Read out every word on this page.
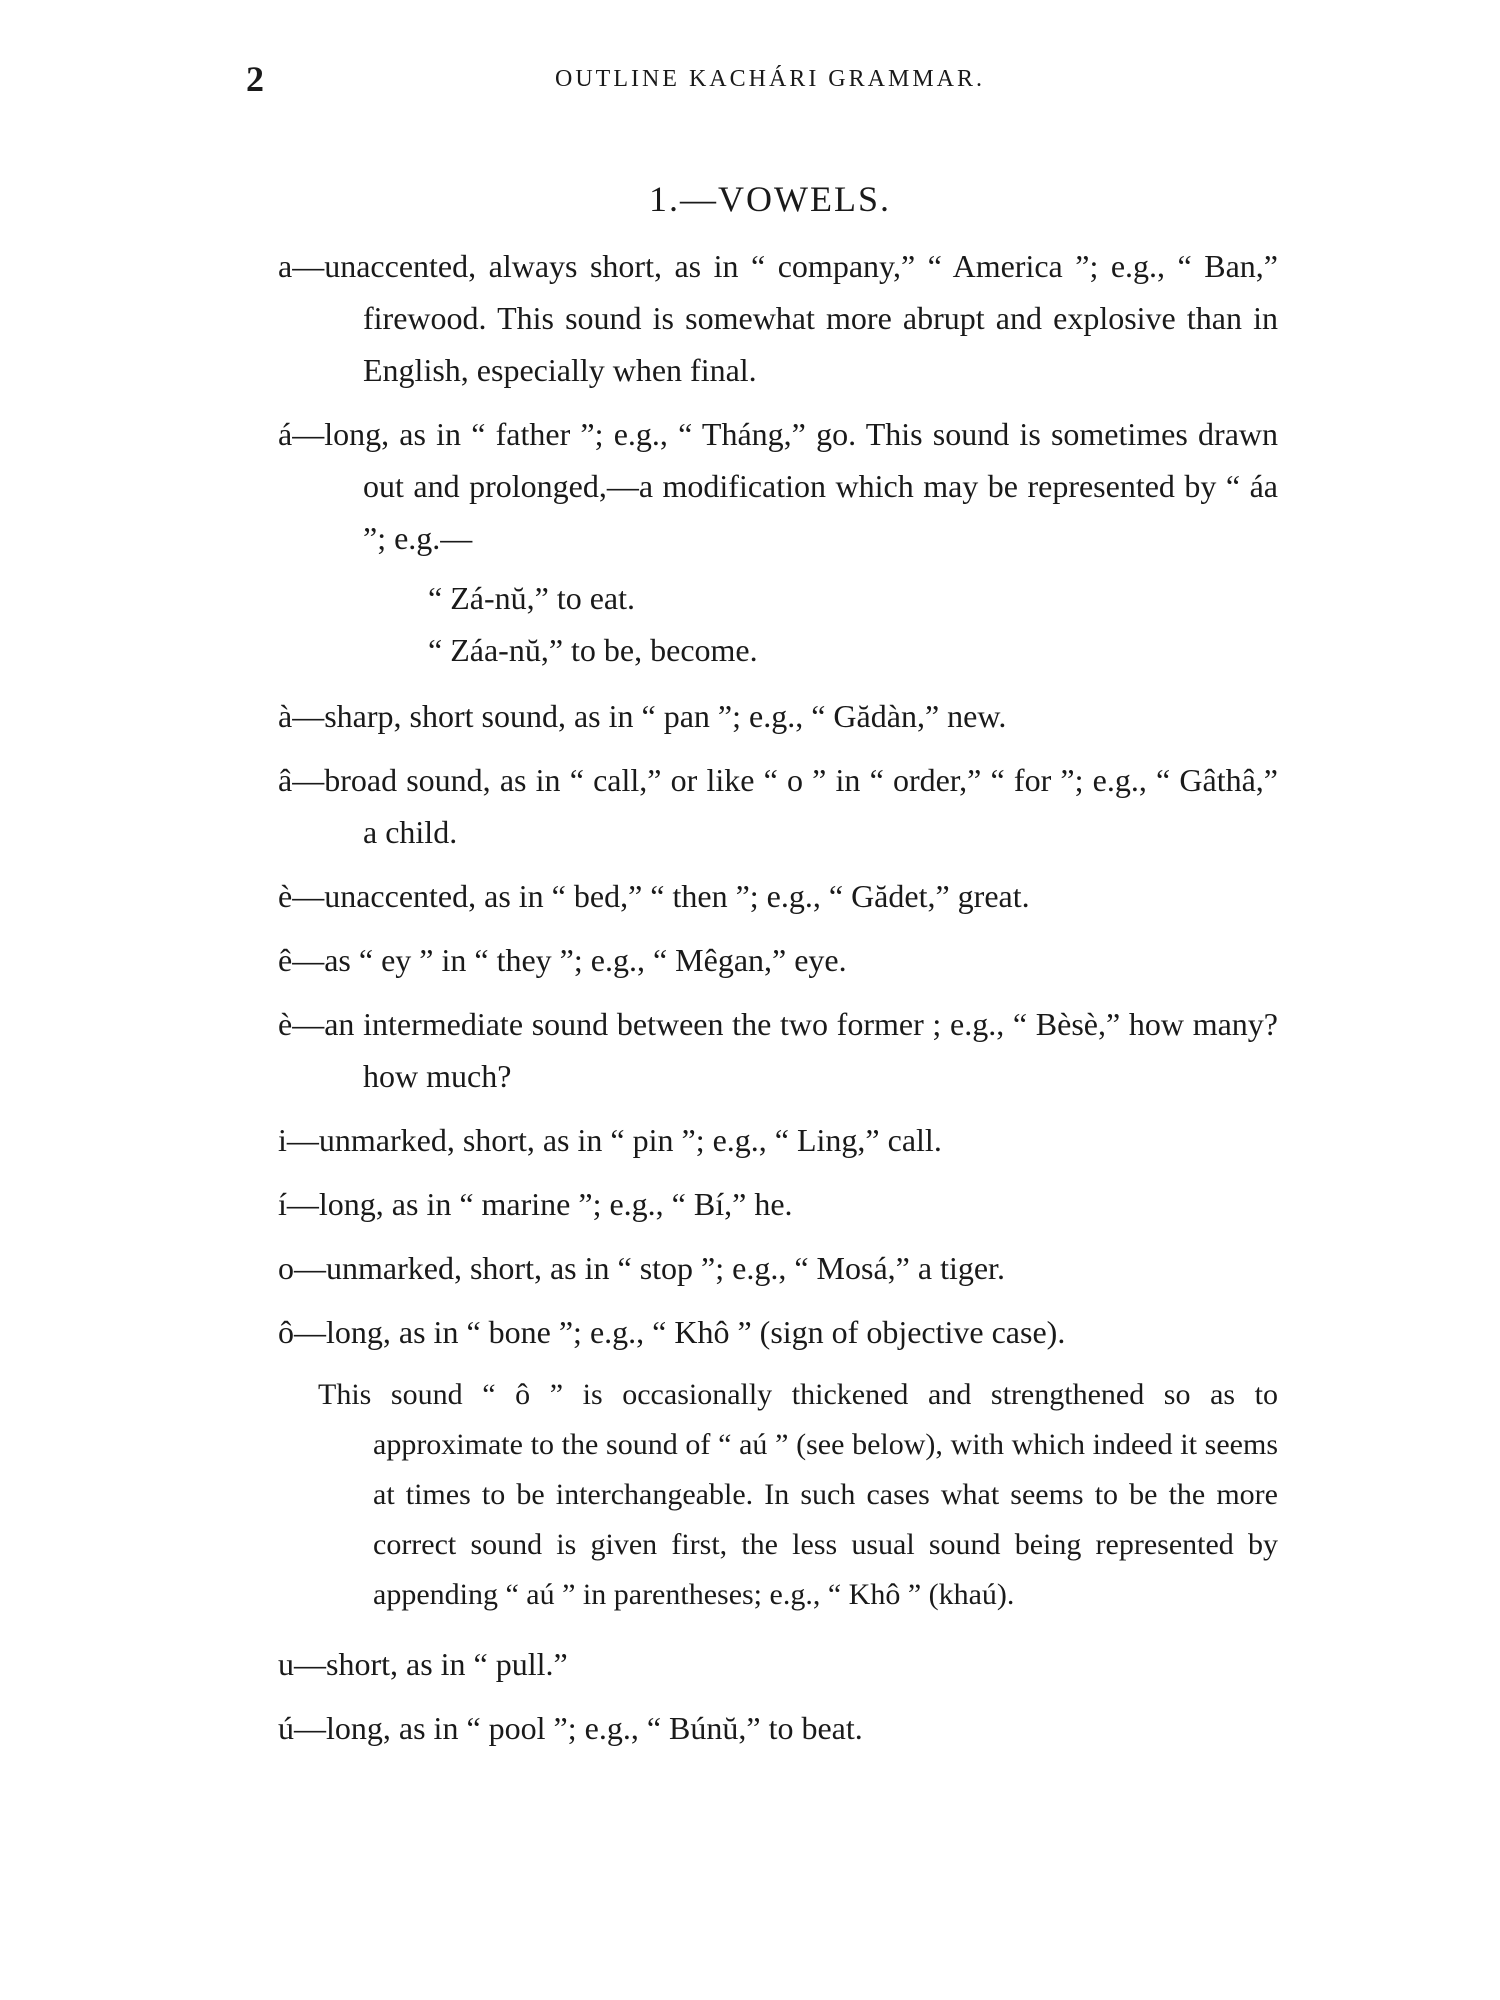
2	OUTLINE KACHÁRI GRAMMAR.
1.—VOWELS.
a—unaccented, always short, as in “ company,” “ America ”; e.g., “ Ban,” firewood. This sound is somewhat more abrupt and explosive than in English, especially when final.
á—long, as in “ father ”; e.g., “ Tháng,” go. This sound is sometimes drawn out and prolonged,—a modification which may be represented by “ áa ”; e.g.—
“ Zá-nŭ,” to eat.
“ Záa-nŭ,” to be, become.
à—sharp, short sound, as in “ pan ”; e.g., “ Gădàn,” new.
â—broad sound, as in “ call,” or like “ o ” in “ order,” “ for ”; e.g., “ Gâthâ,” a child.
è—unaccented, as in “ bed,” “ then ”; e.g., “ Gădet,” great.
ê—as “ ey ” in “ they ”; e.g., “ Mêgan,” eye.
è—an intermediate sound between the two former ; e.g., “ Bèsè,” how many? how much?
i—unmarked, short, as in “ pin ”; e.g., “ Ling,” call.
í—long, as in “ marine ”; e.g., “ Bí,” he.
o—unmarked, short, as in “ stop ”; e.g., “ Mosá,” a tiger.
ô—long, as in “ bone ”; e.g., “ Khô ” (sign of objective case).
This sound “ ô ” is occasionally thickened and strengthened so as to approximate to the sound of “ aú ” (see below), with which indeed it seems at times to be interchangeable. In such cases what seems to be the more correct sound is given first, the less usual sound being represented by appending “ aú ” in parentheses; e.g., “ Khô ” (khaú).
u—short, as in “ pull.”
ú—long, as in “ pool ”; e.g., “ Búnŭ,” to beat.
